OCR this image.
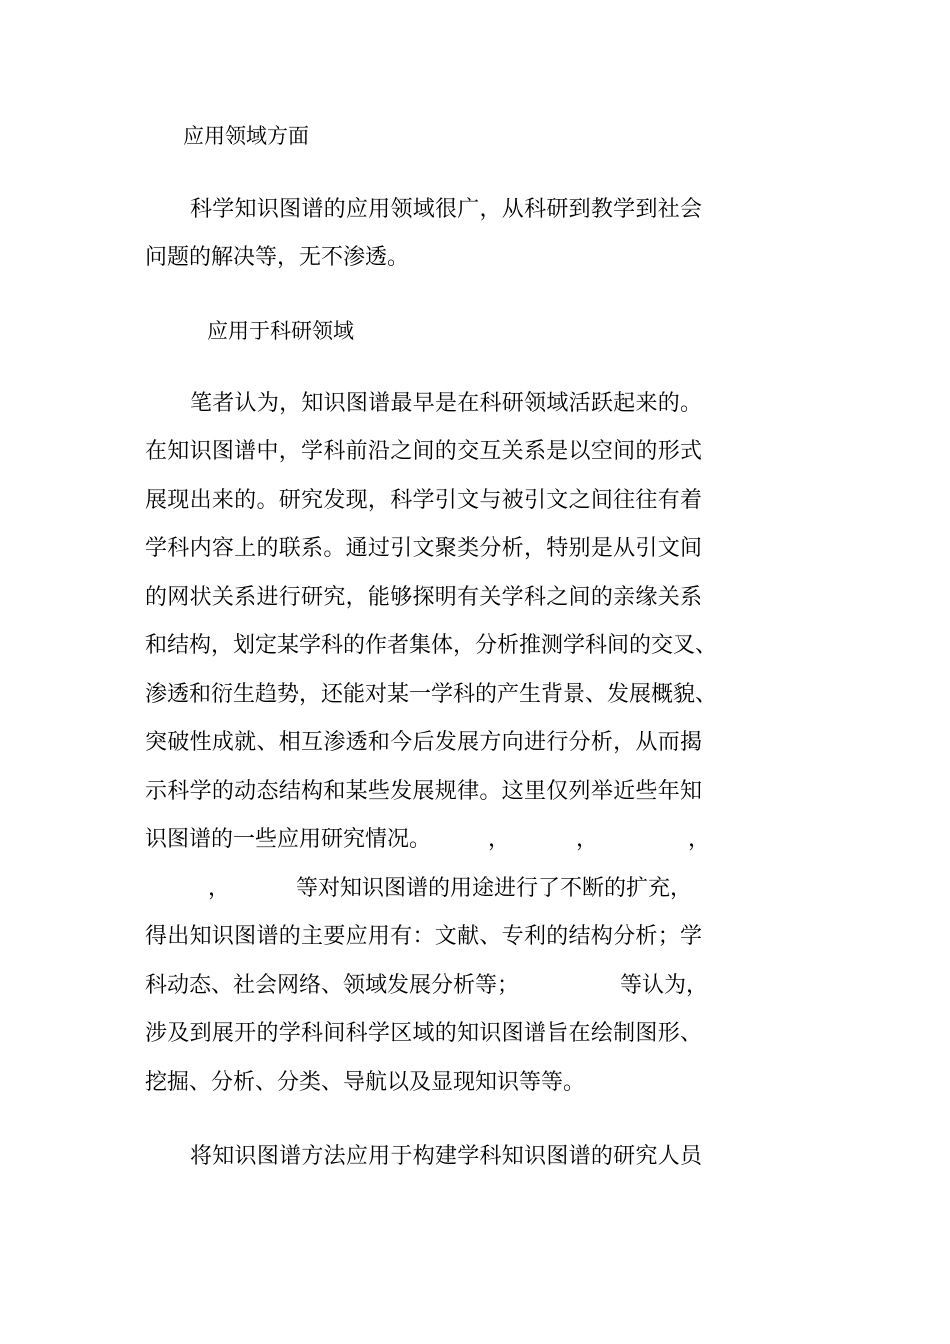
应用领域方面
科学知识图谱的应用领域很广，从科研到教学到社会
问题的解决等，无不渗透。
应用于科研领域
笔者认为，知识图谱最早是在科研领域活跃起来的。
在知识图谱中，学科前沿之间的交互关系是以空间的形式
展现出来的。研究发现，科学引文与被引文之间往往有着
学科内容上的联系。通过引文聚类分析，特别是从引文间
的网状关系进行研究，能够探明有关学科之间的亲缘关系
和结构，划定某学科的作者集体，分析推测学科间的交叉、
渗透和衍生趋势，还能对某一学科的产生背景、发展概貌、
突破性成就、相互渗透和今后发展方向进行分析，从而揭
示科学的动态结构和某些发展规律。这里仅列举近些年知
识图谱的一些应用研究情况。	，	，	，
，	等对知识图谱的用途进行了不断的扩充，
得出知识图谱的主要应用有：文献、专利的结构分析；学
科动态、社会网络、领域发展分析等；	等认为，
涉及到展开的学科间科学区域的知识图谱旨在绘制图形、
挖掘、分析、分类、导航以及显现知识等等。
将知识图谱方法应用于构建学科知识图谱的研究人员
